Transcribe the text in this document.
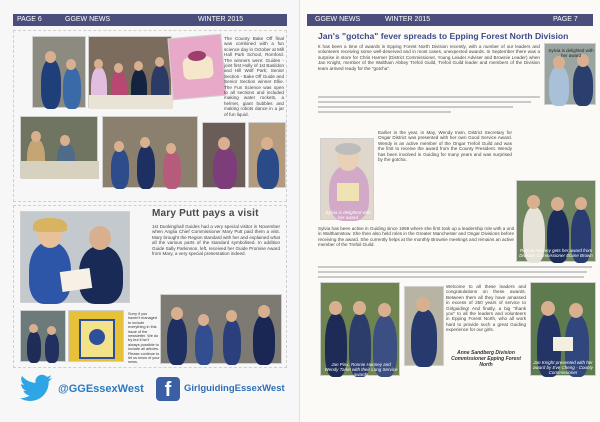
PAGE 6	GGEW NEWS	WINTER 2015
The County Bake Off final was combined with a fun science day in October at Mill Hall Park School, Romford. The winners were: Guides - joint first Holly of 1st Basildon and Hill Wolf Park; Senior Section - Bake Off Guide and Senior Section winner Ellie. The Fun Science was open to all sections and included making water rockets, a helmet, giant bubbles and making robots dance in a jar of fun liquid.
Mary Putt pays a visit
1st Dunkinghall Guides had a very special visitor in November when Anglia Chief Commissioner Mary Putt paid them a visit. Mary brought the Region standard with her and explained what all the various parts of the standard symbolised. In addition Guide Sally Parkinson, left, received her Guide Promise Award from Mary, a very special presentation indeed.
Sorry if you haven't managed to include everything in this issue of the newsletter. We do try but it isn't always possible to include all articles. Please continue to let us know of your news.
@GGEssexWest f GirlguidingEssexWest
GGEW NEWS	WINTER 2015	PAGE 7
Jan's "gotcha" fever spreads to Epping Forest North Division
It has been a time of awards in Epping Forest North Division recently, with a number of our leaders and volunteers receiving some well-deserved and in most cases, unexpected awards. In September there was a surprise in store for Chris Harmer (District Commissioner, Young Leader Adviser and Brownie Leader) when Jan Knight, member of the Waltham Abbey Trefoil Guild, Trefoil Guild leader and members of the Division team arrived ready for the "gotcha".
Sylvia is delighted with her award
Sylvia is delighted with her award
Earlier in the year, in May, Wendy Irwin, District Secretary for Ongar District was presented with her own Good Service Award. Wendy is an active member of the Ongar Trefoil Guild and was the first to receive the award from the County President. Wendy has been involved in Guiding for many years and was surprised by the gotcha.
Ronnie Hanney gets her award from Division Commissioner Elaine Brown
Sylvia has been active in Guiding since 1959 where she first took up a leadership role with a unit in Walthamstow. She then also held roles in the Greater Manchester and Ongar Divisions before receiving the award. She currently helps at the monthly Brownie meetings and remains an active member of the Trefoil Guild.
Jan Pinx, Ronnie Hanney and Wendy Tarlet with their Long Service awards
Welcome to all these leaders and congratulations on these awards. Between them all they have amassed in excess of 250 years of service to Girlguiding! And finally, a big "thank you" to all the leaders and volunteers in Epping Forest North, who all work hard to provide such a great Guiding experience for our girls.
Anne Sandberg Division Commissioner Epping Forest North	Jan Knight presented with her award by Eve Cheng - County Commissioner
